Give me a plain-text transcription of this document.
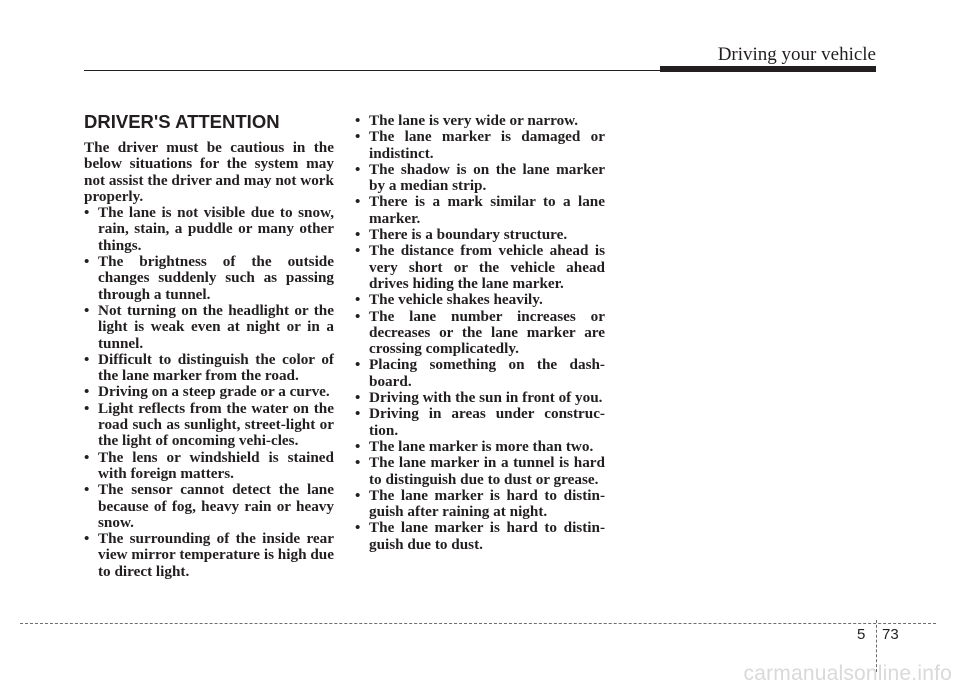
Driving your vehicle
DRIVER'S ATTENTION

The driver must be cautious in the below situations for the system may not assist the driver and may not work properly.

• The lane is not visible due to snow, rain, stain, a puddle or many other things.
• The brightness of the outside changes suddenly such as passing through a tunnel.
• Not turning on the headlight or the light is weak even at night or in a tunnel.
• Difficult to distinguish the color of the lane marker from the road.
• Driving on a steep grade or a curve.
• Light reflects from the water on the road such as sunlight, street-light or the light of oncoming vehi-cles.
• The lens or windshield is stained with foreign matters.
• The sensor cannot detect the lane because of fog, heavy rain or heavy snow.
• The surrounding of the inside rear view mirror temperature is high due to direct light.
• The lane is very wide or narrow.
• The lane marker is damaged or indistinct.
• The shadow is on the lane marker by a median strip.
• There is a mark similar to a lane marker.
• There is a boundary structure.
• The distance from vehicle ahead is very short or the vehicle ahead drives hiding the lane marker.
• The vehicle shakes heavily.
• The lane number increases or decreases or the lane marker are crossing complicatedly.
• Placing something on the dash-board.
• Driving with the sun in front of you.
• Driving in areas under construc-tion.
• The lane marker is more than two.
• The lane marker in a tunnel is hard to distinguish due to dust or grease.
• The lane marker is hard to distin-guish after raining at night.
• The lane marker is hard to distin-guish due to dust.
5 73
carmanualsonline.info
